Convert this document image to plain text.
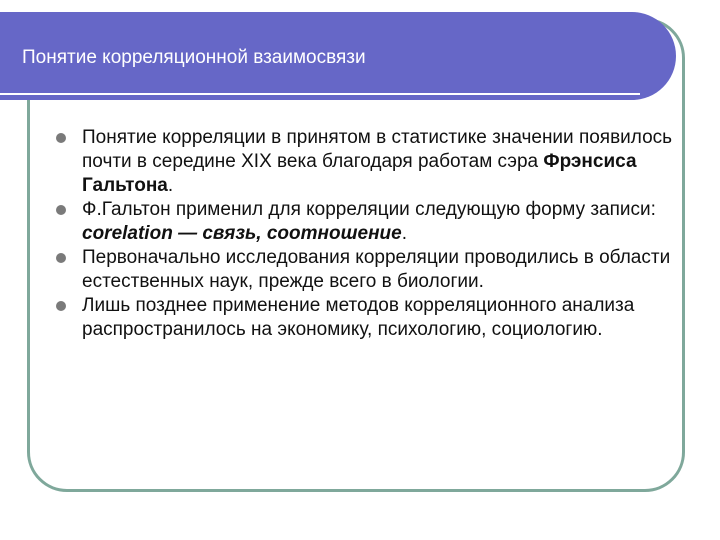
Понятие корреляционной взаимосвязи
Понятие корреляции в принятом в статистике значении появилось почти в середине XIX века благодаря работам сэра Фрэнсиса Гальтона.
Ф.Гальтон применил для корреляции следующую форму записи: corelation — связь, соотношение.
Первоначально исследования корреляции проводились в области естественных наук, прежде всего в биологии.
Лишь позднее применение методов корреляционного анализа распространилось на экономику, психологию, социологию.
